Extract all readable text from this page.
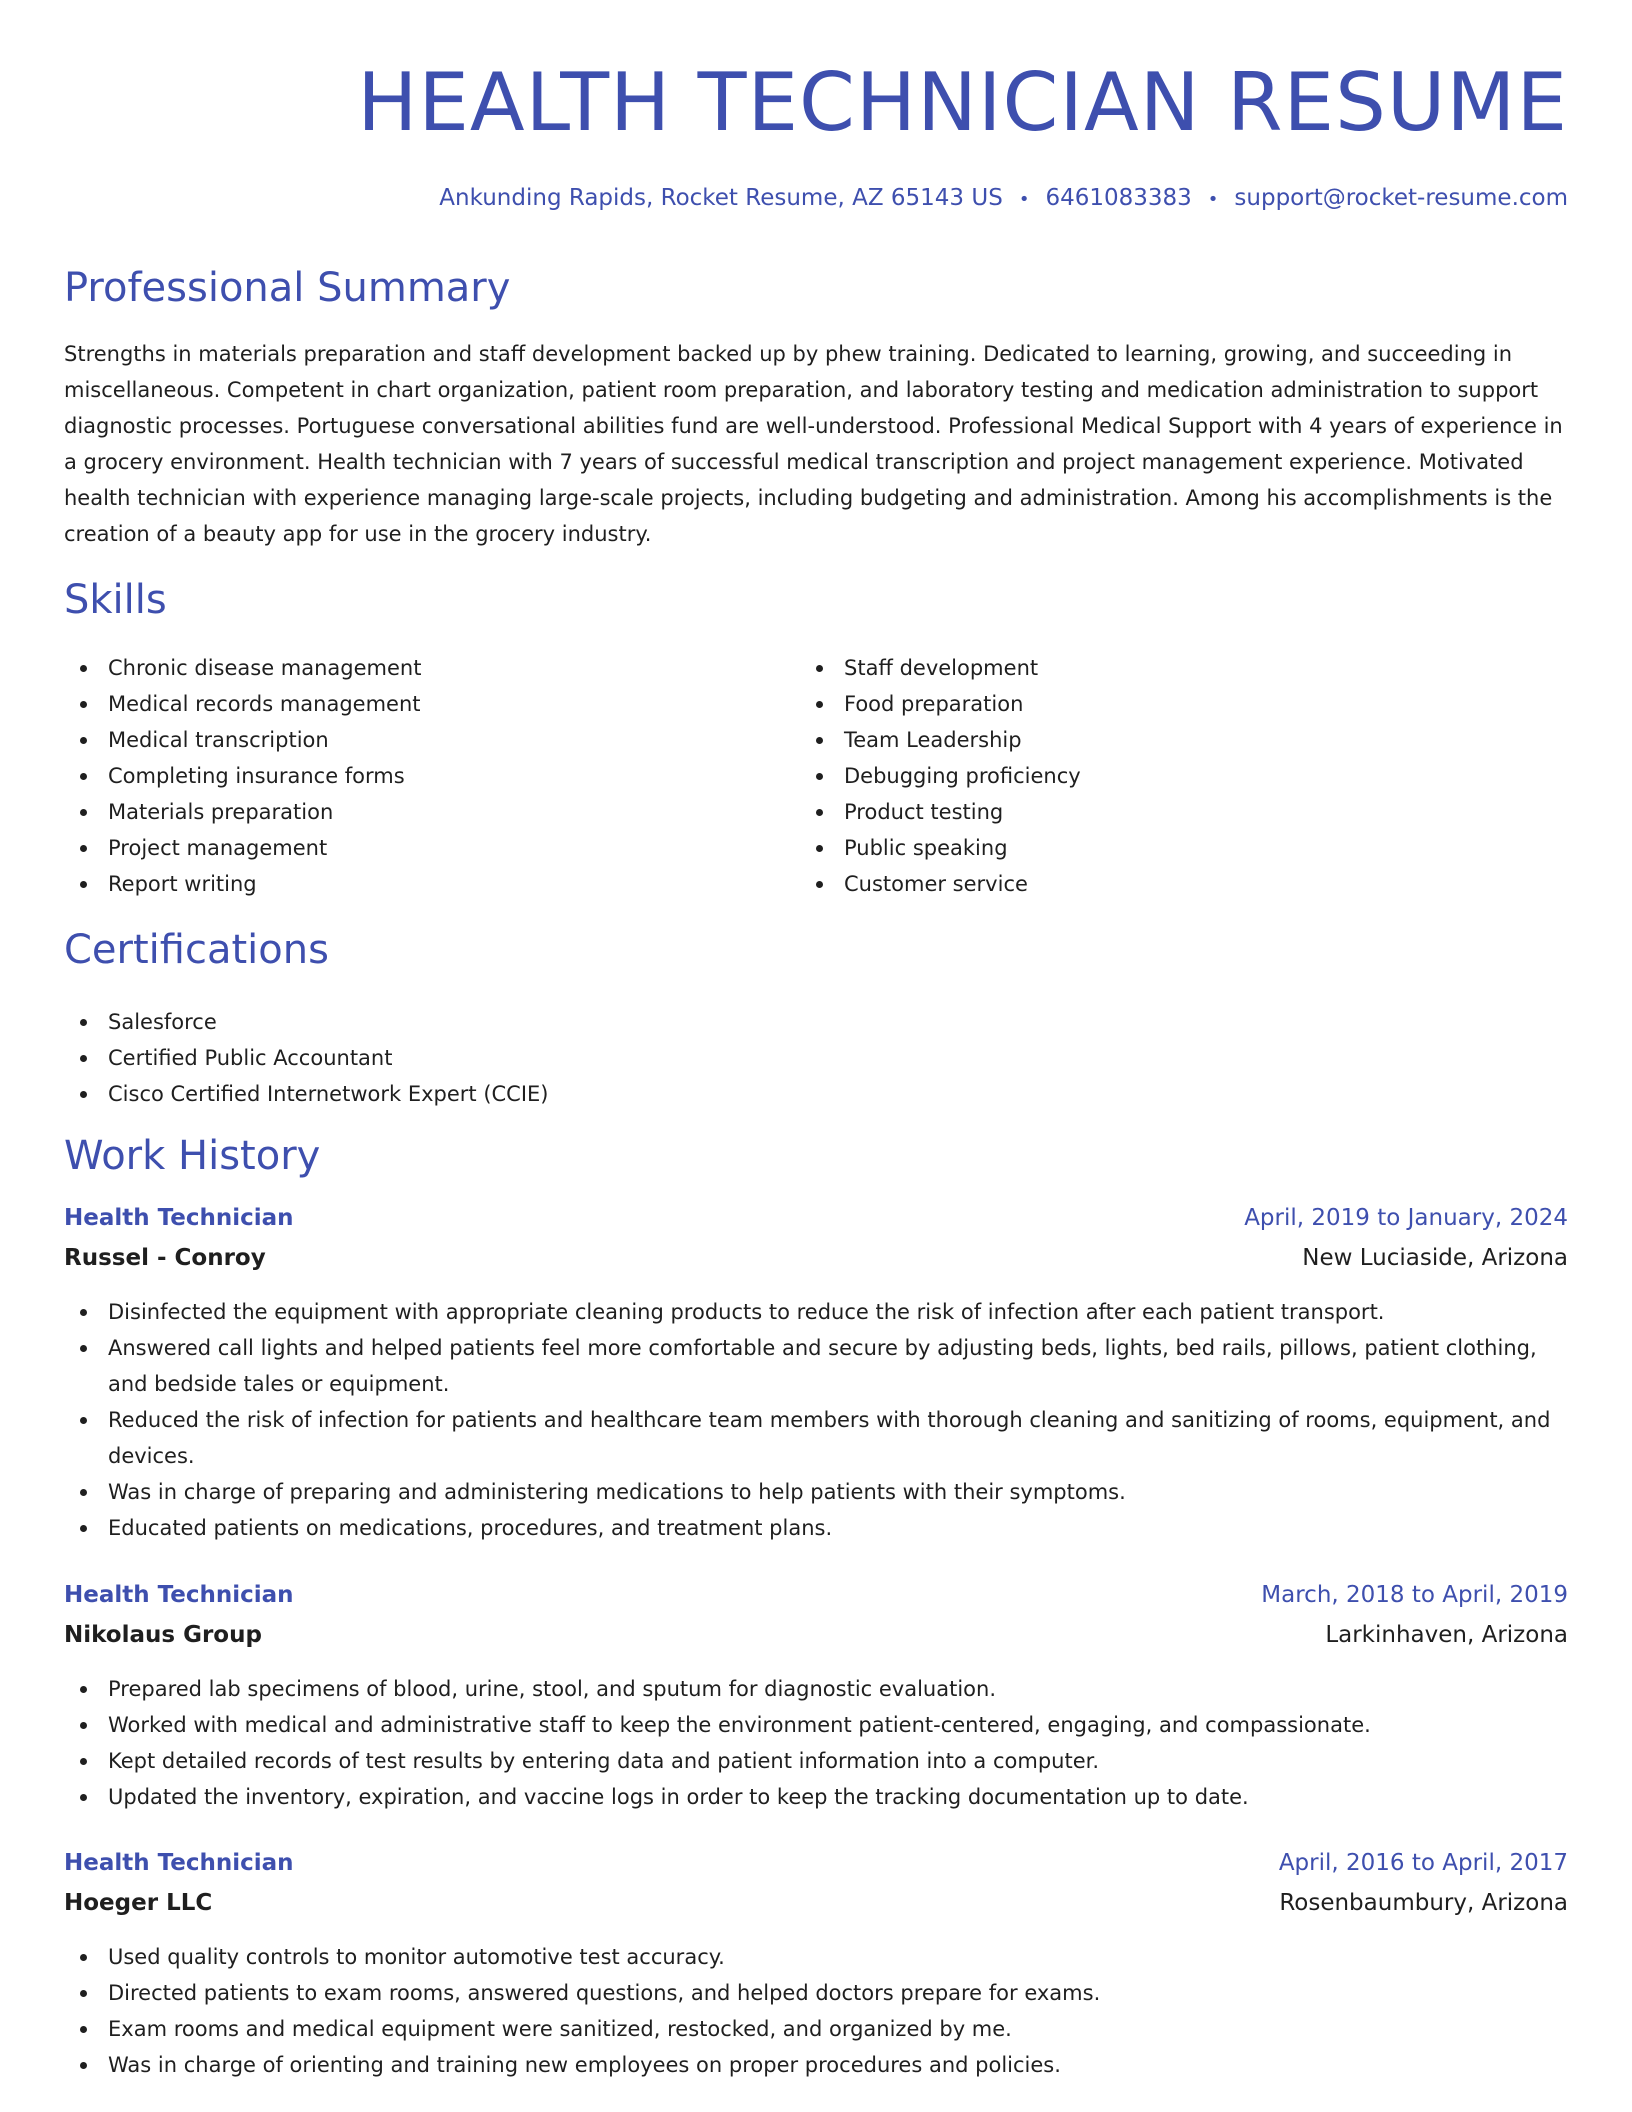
HEALTH TECHNICIAN RESUME
Ankunding Rapids, Rocket Resume, AZ 65143 US • 6461083383 • support@rocket-resume.com
Professional Summary

Strengths in materials preparation and staff development backed up by phew training. Dedicated to learning, growing, and succeeding in miscellaneous. Competent in chart organization, patient room preparation, and laboratory testing and medication administration to support diagnostic processes. Portuguese conversational abilities fund are well-understood. Professional Medical Support with 4 years of experience in a grocery environment. Health technician with 7 years of successful medical transcription and project management experience. Motivated health technician with experience managing large-scale projects, including budgeting and administration. Among his accomplishments is the creation of a beauty app for use in the grocery industry.

Skills
Chronic disease management
Medical records management
Medical transcription
Completing insurance forms
Materials preparation
Project management
Report writing
Staff development
Food preparation
Team Leadership
Debugging proficiency
Product testing
Public speaking
Customer service
Certifications
Salesforce
Certified Public Accountant
Cisco Certified Internetwork Expert (CCIE)
Work History
Health Technician	April, 2019 to January, 2024
Russel - Conroy	New Luciaside, Arizona
Disinfected the equipment with appropriate cleaning products to reduce the risk of infection after each patient transport.
Answered call lights and helped patients feel more comfortable and secure by adjusting beds, lights, bed rails, pillows, patient clothing, and bedside tales or equipment.
Reduced the risk of infection for patients and healthcare team members with thorough cleaning and sanitizing of rooms, equipment, and devices.
Was in charge of preparing and administering medications to help patients with their symptoms.
Educated patients on medications, procedures, and treatment plans.
Health Technician	March, 2018 to April, 2019
Nikolaus Group	Larkinhaven, Arizona
Prepared lab specimens of blood, urine, stool, and sputum for diagnostic evaluation.
Worked with medical and administrative staff to keep the environment patient-centered, engaging, and compassionate.
Kept detailed records of test results by entering data and patient information into a computer.
Updated the inventory, expiration, and vaccine logs in order to keep the tracking documentation up to date.
Health Technician	April, 2016 to April, 2017
Hoeger LLC	Rosenbaumbury, Arizona
Used quality controls to monitor automotive test accuracy.
Directed patients to exam rooms, answered questions, and helped doctors prepare for exams.
Exam rooms and medical equipment were sanitized, restocked, and organized by me.
Was in charge of orienting and training new employees on proper procedures and policies.
